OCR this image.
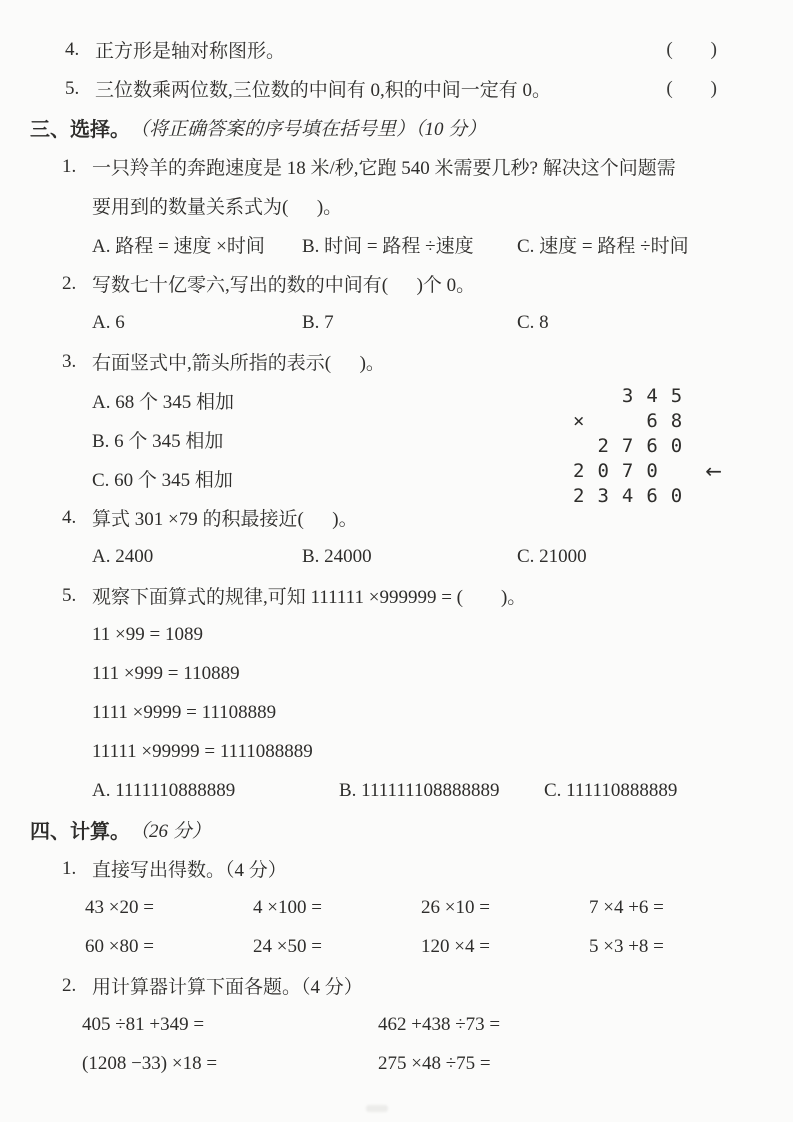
4. 正方形是轴对称图形。	(        )
5. 三位数乘两位数,三位数的中间有 0,积的中间一定有 0。	(        )
三、选择。 （将正确答案的序号填在括号里）（10 分）
1. 一只羚羊的奔跑速度是 18 米/秒,它跑 540 米需要几秒? 解决这个问题需
要用到的数量关系式为(      )。
A. 路程 = 速度 ×时间	B. 时间 = 路程 ÷速度	C. 速度 = 路程 ÷时间
2. 写数七十亿零六,写出的数的中间有(      )个 0。
A. 6	B. 7	C. 8
3. 右面竖式中,箭头所指的表示(      )。
A. 68 个 345 相加
B. 6 个 345 相加
C. 60 个 345 相加
4. 算式 301 ×79 的积最接近(      )。
A. 2400	B. 24000	C. 21000
5. 观察下面算式的规律,可知 111111 ×999999 = (        )。
11 ×99 = 1089
111 ×999 = 110889
1111 ×9999 = 11108889
11111 ×99999 = 1111088889
A. 1111110888889	B. 111111108888889	C. 111110888889
四、计算。 （26 分）
1. 直接写出得数。（4 分）
43 ×20 =	4 ×100 =	26 ×10 =	7 ×4 +6 =
60 ×80 =	24 ×50 =	120 ×4 =	5 ×3 +8 =
2. 用计算器计算下面各题。（4 分）
405 ÷81 +349 =	462 +438 ÷73 =
(1208 −33) ×18 =	275 ×48 ÷75 =
345
×  68
2760
2070 ←
23460
